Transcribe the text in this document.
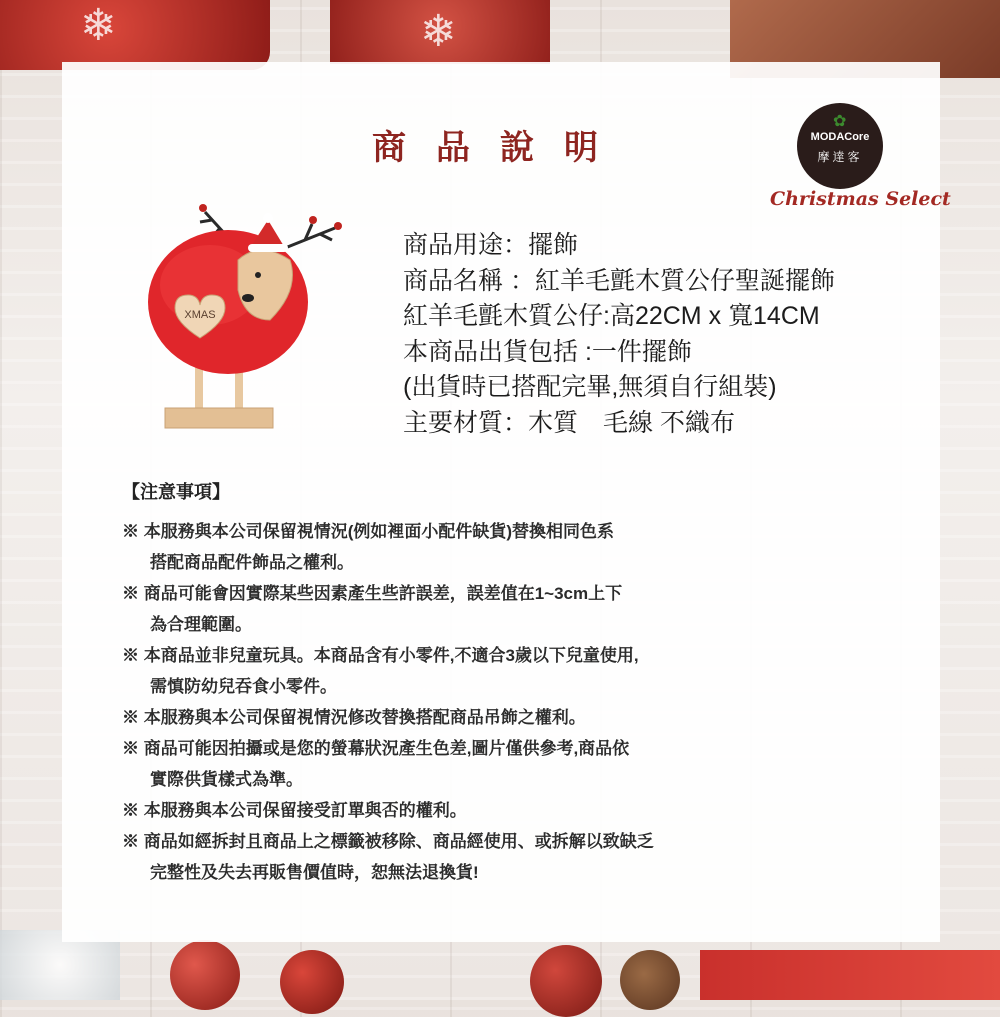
❄	❄
商品說明
✿
MODACore
摩達客
Christmas Select
XMAS
商品用途：擺飾
商品名稱 ：紅羊毛氈木質公仔聖誕擺飾
紅羊毛氈木質公仔:高22CM x 寬14CM
本商品出貨包括 :一件擺飾
(出貨時已搭配完畢,無須自行組裝)
主要材質：木質　毛線 不織布
【注意事項】

※ 本服務與本公司保留視情況(例如裡面小配件缺貨)替換相同色系
搭配商品配件飾品之權利。

※ 商品可能會因實際某些因素產生些許誤差，誤差值在1~3cm上下
為合理範圍。

※ 本商品並非兒童玩具。本商品含有小零件,不適合3歲以下兒童使用,
需慎防幼兒吞食小零件。

※ 本服務與本公司保留視情況修改替換搭配商品吊飾之權利。

※ 商品可能因拍攝或是您的螢幕狀況產生色差,圖片僅供參考,商品依
實際供貨樣式為準。

※ 本服務與本公司保留接受訂單與否的權利。

※ 商品如經拆封且商品上之標籤被移除、商品經使用、或拆解以致缺乏
完整性及失去再販售價值時，恕無法退換貨!
